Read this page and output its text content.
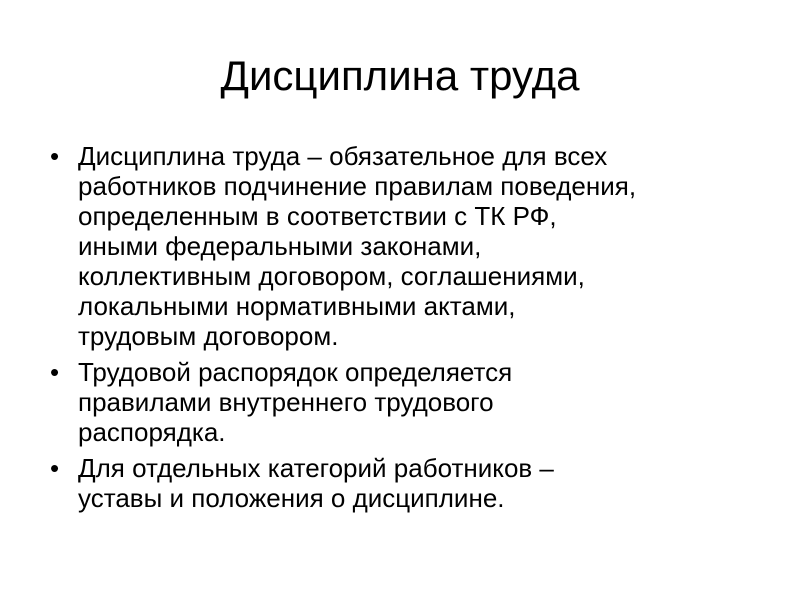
Дисциплина труда
• Дисциплина труда – обязательное для всех
работников подчинение правилам поведения,
определенным в соответствии с ТК РФ,
иными федеральными законами,
коллективным договором, соглашениями,
локальными нормативными актами,
трудовым договором.
• Трудовой распорядок определяется
правилами внутреннего трудового
распорядка.
• Для отдельных категорий работников –
уставы и положения о дисциплине.
